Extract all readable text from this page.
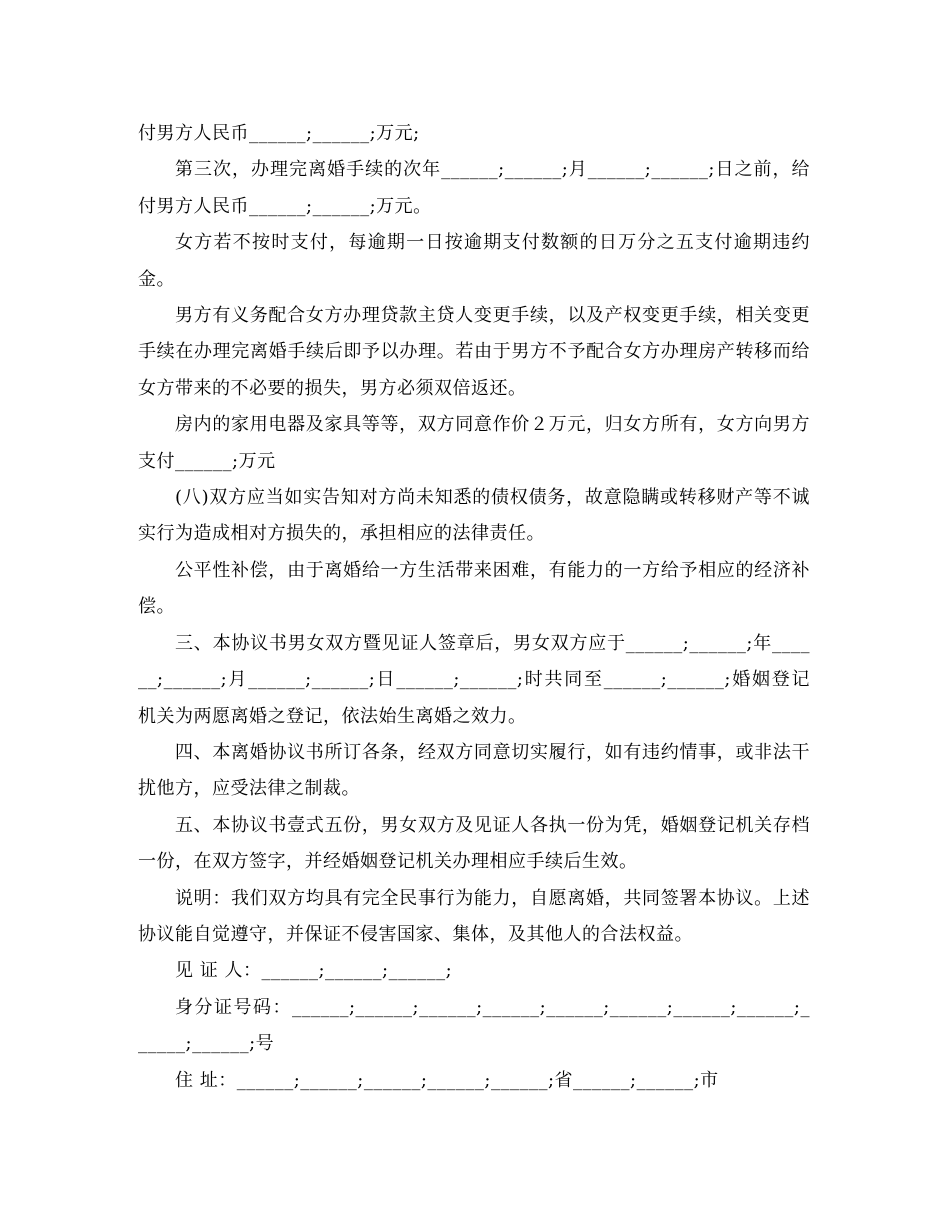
付男方人民币______;______;万元;

第三次，办理完离婚手续的次年______;______;月______;______;日之前，给付男方人民币______;______;万元。

女方若不按时支付，每逾期一日按逾期支付数额的日万分之五支付逾期违约金。

男方有义务配合女方办理贷款主贷人变更手续，以及产权变更手续，相关变更手续在办理完离婚手续后即予以办理。若由于男方不予配合女方办理房产转移而给女方带来的不必要的损失，男方必须双倍返还。

房内的家用电器及家具等等，双方同意作价２万元，归女方所有，女方向男方支付______;万元

(八)双方应当如实告知对方尚未知悉的债权债务，故意隐瞒或转移财产等不诚实行为造成相对方损失的，承担相应的法律责任。

公平性补偿，由于离婚给一方生活带来困难，有能力的一方给予相应的经济补偿。

三、本协议书男女双方暨见证人签章后，男女双方应于______;______;年______;______;月______;______;日______;______;时共同至______;______;婚姻登记机关为两愿离婚之登记，依法始生离婚之效力。

四、本离婚协议书所订各条，经双方同意切实履行，如有违约情事，或非法干扰他方，应受法律之制裁。

五、本协议书壹式五份，男女双方及见证人各执一份为凭，婚姻登记机关存档一份，在双方签字，并经婚姻登记机关办理相应手续后生效。

说明：我们双方均具有完全民事行为能力，自愿离婚，共同签署本协议。上述协议能自觉遵守，并保证不侵害国家、集体，及其他人的合法权益。

见 证 人：______;______;______;

身分证号码：______;______;______;______;______;______;______;______;______;______;号

住 址：______;______;______;______;______;省______;______;市
